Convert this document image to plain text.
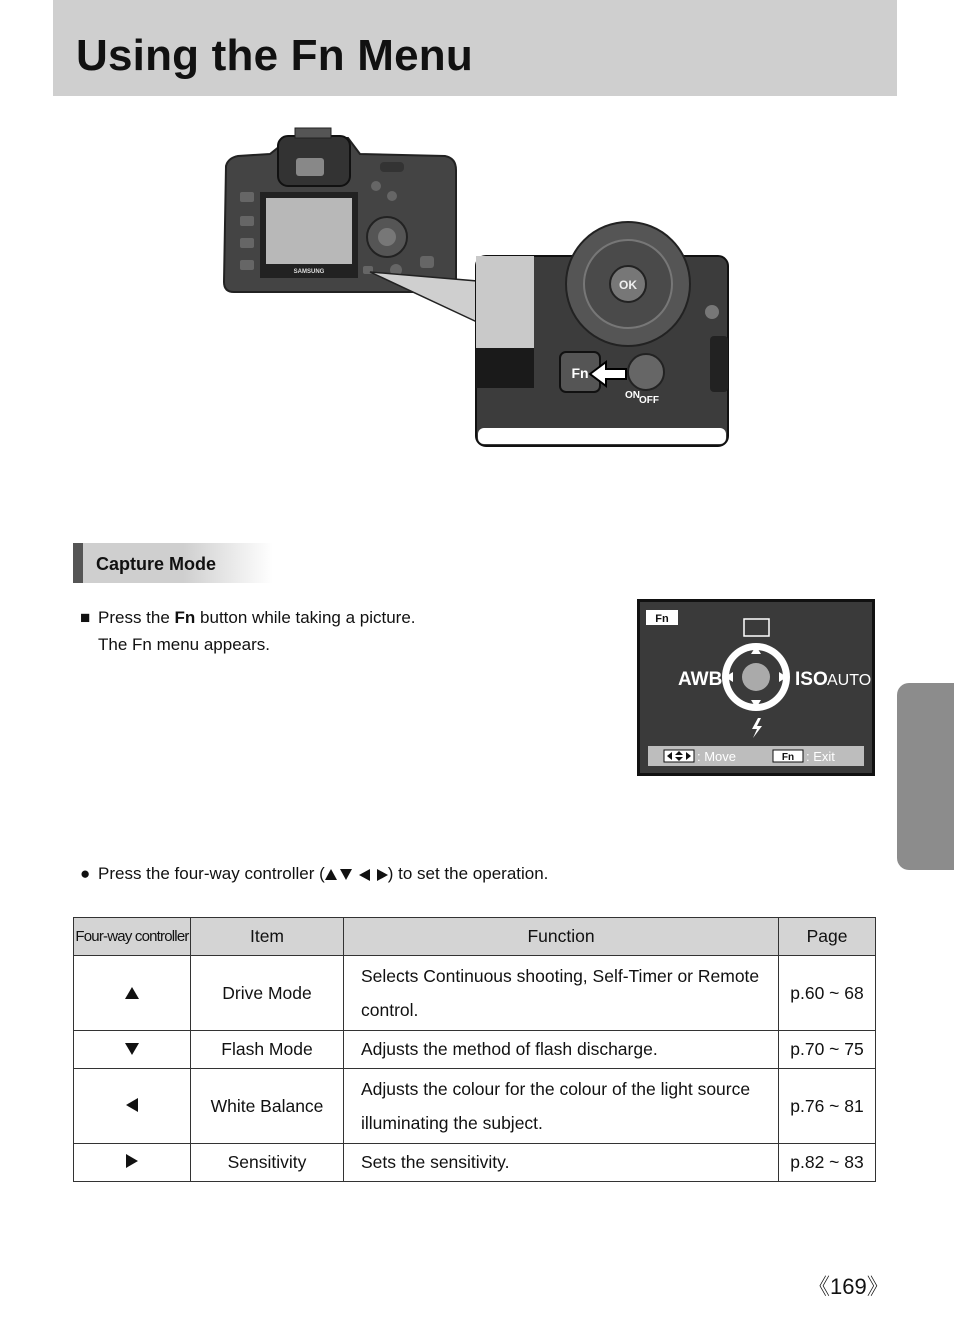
Using the Fn Menu
SAMSUNG
OK
Fn
ON OFF
Capture Mode
■ Press the Fn button while taking a picture.
The Fn menu appears.
Fn
AWB	ISO AUTO
: Move	Fn : Exit
● Press the four-way controller (	) to set the operation.
Four-way controller	Item	Function	Page
	Drive Mode	Selects Continuous shooting, Self-Timer or Remote
control.	p.60 ~ 68
	Flash Mode	Adjusts the method of flash discharge.	p.70 ~ 75
	White Balance	Adjusts the colour for the colour of the light source
illuminating the subject.	p.76 ~ 81
	Sensitivity	Sets the sensitivity.	p.82 ~ 83
《169》
